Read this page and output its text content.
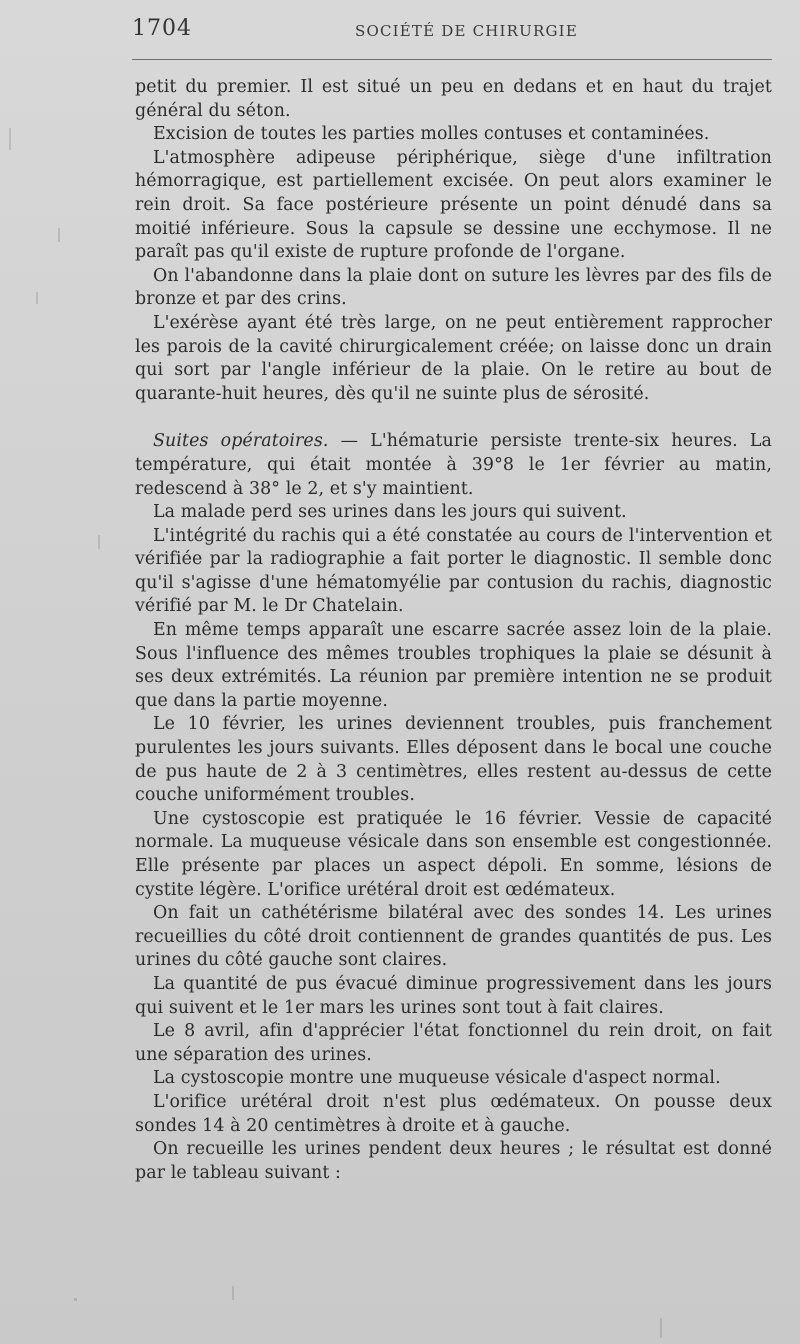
1704	SOCIÉTÉ DE CHIRURGIE

petit du premier. Il est situé un peu en dedans et en haut du trajet général du séton.

Excision de toutes les parties molles contuses et contaminées.

L'atmosphère adipeuse périphérique, siège d'une infiltration hémorragique, est partiellement excisée. On peut alors examiner le rein droit. Sa face postérieure présente un point dénudé dans sa moitié inférieure. Sous la capsule se dessine une ecchymose. Il ne paraît pas qu'il existe de rupture profonde de l'organe.

On l'abandonne dans la plaie dont on suture les lèvres par des fils de bronze et par des crins.

L'exérèse ayant été très large, on ne peut entièrement rapprocher les parois de la cavité chirurgicalement créée; on laisse donc un drain qui sort par l'angle inférieur de la plaie. On le retire au bout de quarante-huit heures, dès qu'il ne suinte plus de sérosité.

Suites opératoires. — L'hématurie persiste trente-six heures. La température, qui était montée à 39°8 le 1er février au matin, redescend à 38° le 2, et s'y maintient.

La malade perd ses urines dans les jours qui suivent.

L'intégrité du rachis qui a été constatée au cours de l'intervention et vérifiée par la radiographie a fait porter le diagnostic. Il semble donc qu'il s'agisse d'une hématomyélie par contusion du rachis, diagnostic vérifié par M. le Dr Chatelain.

En même temps apparaît une escarre sacrée assez loin de la plaie. Sous l'influence des mêmes troubles trophiques la plaie se désunit à ses deux extrémités. La réunion par première intention ne se produit que dans la partie moyenne.

Le 10 février, les urines deviennent troubles, puis franchement purulentes les jours suivants. Elles déposent dans le bocal une couche de pus haute de 2 à 3 centimètres, elles restent au-dessus de cette couche uniformément troubles.

Une cystoscopie est pratiquée le 16 février. Vessie de capacité normale. La muqueuse vésicale dans son ensemble est congestionnée. Elle présente par places un aspect dépoli. En somme, lésions de cystite légère. L'orifice urétéral droit est œdémateux.

On fait un cathétérisme bilatéral avec des sondes 14. Les urines recueillies du côté droit contiennent de grandes quantités de pus. Les urines du côté gauche sont claires.

La quantité de pus évacué diminue progressivement dans les jours qui suivent et le 1er mars les urines sont tout à fait claires.

Le 8 avril, afin d'apprécier l'état fonctionnel du rein droit, on fait une séparation des urines.

La cystoscopie montre une muqueuse vésicale d'aspect normal.

L'orifice urétéral droit n'est plus œdémateux. On pousse deux sondes 14 à 20 centimètres à droite et à gauche.

On recueille les urines pendent deux heures ; le résultat est donné par le tableau suivant :
